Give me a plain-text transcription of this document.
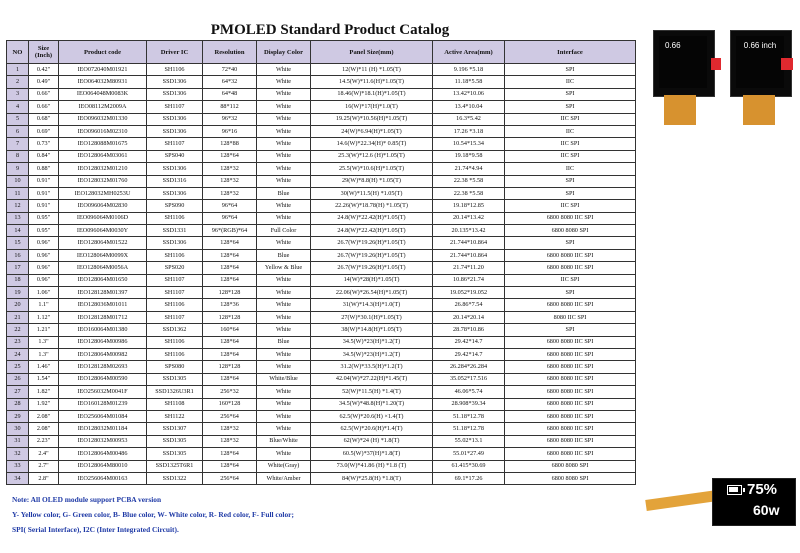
PMOLED Standard Product Catalog
NO	Size (Inch)	Product code	Driver IC	Resolution	Display Color	Panel Size(mm)	Active Area(mm)	Interface
1	0.42"	IEO072040M01921	SH1106	72*40	White	12(W)*11 (H) *1.05(T)	9.196 *5.18	SPI
2	0.49"	IEO064032M80931	SSD1306	64*32	White	14.5(W)*11.6(H)*1.05(T)	11.18*5.58	IIC
3	0.66"	IEO064048M0083K	SSD1306	64*48	White	18.46(W)*18.1(H)*1.05(T)	13.42*10.06	SPI
4	0.66"	IEO08112M2009A	SH1107	88*112	White	16(W)*17(H)*1.0(T)	13.4*10.04	SPI
5	0.68"	IEO096032M01330	SSD1306	96*32	White	19.25(W)*10.56(H)*1.05(T)	16.3*5.42	IIC SPI
6	0.69"	IEO096016M02310	SSD1306	96*16	White	24(W)*6.94(H)*1.05(T)	17.26 *3.18	IIC
7	0.73"	IEO128088M01675	SH1107	128*88	White	14.6(W)*22.34(H)* 0.85(T)	10.54*15.34	IIC SPI
8	0.84"	IEO128064M03061	SPS040	128*64	White	25.3(W)*12.6 (H)*1.05(T)	19.18*9.58	IIC SPI
9	0.88"	IEO128032M01210	SSD1306	128*32	White	25.5(W)*10.6(H)*1.05(T)	21.74*4.94	IIC
10	0.91"	IEO128032M01760	SSD1316	128*32	White	29(W)*8.8(H) *1.05(T)	22.38 *5.58	SPI
11	0.91"	IEO128032MH0253U	SSD1306	128*32	Blue	30(W)*11.5(H) *1.05(T)	22.38 *5.58	SPI
12	0.91"	IEO096064M02830	SPS090	96*64	White	22.26(W)*18.78(H) *1.05(T)	19.18*12.85	IIC SPI
13	0.95"	IEO096064M0106D	SH1106	96*64	White	24.8(W)*22.42(H)*1.05(T)	20.14*13.42	6800 8080 IIC SPI
14	0.95"	IEO096064M0030Y	SSD1331	96*(RGB)*64	Full Color	24.8(W)*22.42(H)*1.05(T)	20.135*13.42	6800 8080 SPI
15	0.96"	IEO128064M01522	SSD1306	128*64	White	26.7(W)*19.26(H)*1.05(T)	21.744*10.864	SPI
16	0.96"	IEO128064M0099X	SH1106	128*64	Blue	26.7(W)*19.26(H)*1.05(T)	21.744*10.864	6800 8080 IIC SPI
17	0.96"	IEO128064M0056A	SPS020	128*64	Yellow & Blue	26.7(W)*19.26(H)*1.05(T)	21.74*11.20	6800 8080 IIC SPI
18	0.96"	IEO128064M01650	SH1107	128*64	White	14(W)*28(H)*1.05(T)	10.86*21.74	IIC SPI
19	1.06"	IEO128128M01397	SH1107	128*128	White	22.06(W)*26.54(H)*1.05(T)	19.052*19.052	SPI
20	1.1"	IEO128036M01011	SH1106	128*36	White	31(W)*14.3(H)*1.0(T)	26.86*7.54	6800 8080 IIC SPI
21	1.12"	IEO128128M01712	SH1107	128*128	White	27(W)*30.1(H)*1.05(T)	20.14*20.14	8080 IIC SPI
22	1.21"	IEO160064M01380	SSD1362	160*64	White	38(W)*14.8(H)*1.05(T)	28.78*10.86	SPI
23	1.3"	IEO128064M00986	SH1106	128*64	Blue	34.5(W)*23(H)*1.2(T)	29.42*14.7	6800 8080 IIC SPI
24	1.3"	IEO128064M00982	SH1106	128*64	White	34.5(W)*23(H)*1.2(T)	29.42*14.7	6800 8080 IIC SPI
25	1.46"	IEO128128M02693	SPS080	128*128	White	31.2(W)*33.5(H)*1.2(T)	26.284*26.284	6800 8080 IIC SPI
26	1.54"	IEO128064M00590	SSD1305	128*64	White/Blue	42.04(W)*27.22(H)*1.45(T)	35.052*17.516	6800 8080 IIC SPI
27	1.82"	IEO256032M0041F	SSD1326U3R1	256*32	White	52(W)*11.5(H) *1.4(T)	46.06*5.74	6800 8080 IIC SPI
28	1.92"	IEO160128M01239	SH1108	160*128	White	34.5(W)*48.8(H)*1.20(T)	28.908*39.34	6800 8080 IIC SPI
29	2.08"	IEO256064M01084	SH1122	256*64	White	62.5(W)*20.6(H) ×1.4(T)	51.18*12.78	6800 8080 IIC SPI
30	2.08"	IEO128032M01184	SSD1307	128*32	White	62.5(W)*20.6(H)*1.4(T)	51.18*12.78	6800 8080 IIC SPI
31	2.23"	IEO128032M00953	SSD1305	128*32	Blue/White	62(W)*24 (H) *1.8(T)	55.02*13.1	6800 8080 IIC SPI
32	2.4"	IEO128064M00486	SSD1305	128*64	White	60.5(W)*37(H)*1.8(T)	55.01*27.49	6800 8080 IIC SPI
33	2.7"	IEO128064M80010	SSD1325T6R1	128*64	White(Gray)	73.0(W)*41.86 (H) *1.8 (T)	61.415*30.69	6800 8080 SPI
34	2.8"	IEO256064M00163	SSD1322	256*64	White/Amber	84(W)*25.8(H) *1.8(T)	69.1*17.26	6800 8080 SPI
Note: All OLED module support PCBA version
Y- Yellow color, G- Green color, B- Blue color, W- White color, R- Red color, F- Full color;
SPI( Serial Interface), I2C (Inter Integrated Circuit).
0.66	0.66 inch
75%
60w
